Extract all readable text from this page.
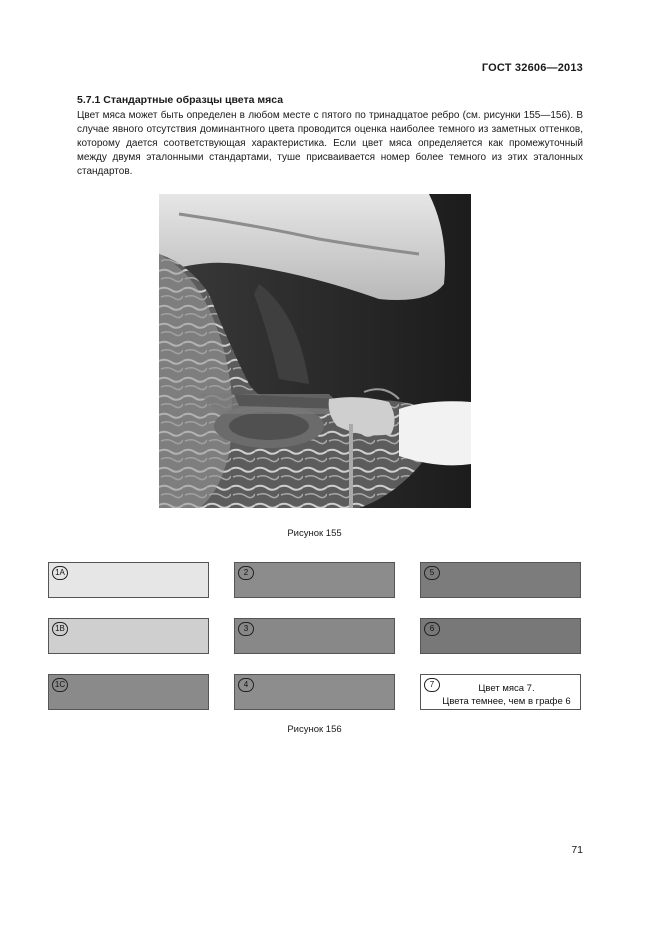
ГОСТ 32606—2013
5.7.1 Стандартные образцы цвета мяса
Цвет мяса может быть определен в любом месте с пятого по тринадцатое ребро (см. рисунки 155—156). В случае явного отсутствия доминантного цвета проводится оценка наиболее темного из заметных оттенков, которому дается соответствующая характеристика. Если цвет мяса определяется как промежуточный между двумя эталонными стандартами, туше присваивается номер более темного из этих эталонных стандартов.
Рисунок 155
1A	2	5
1B	3	6
1C	4	7	Цвет мяса 7.
Цвета темнее, чем в графе 6
Рисунок 156
71
